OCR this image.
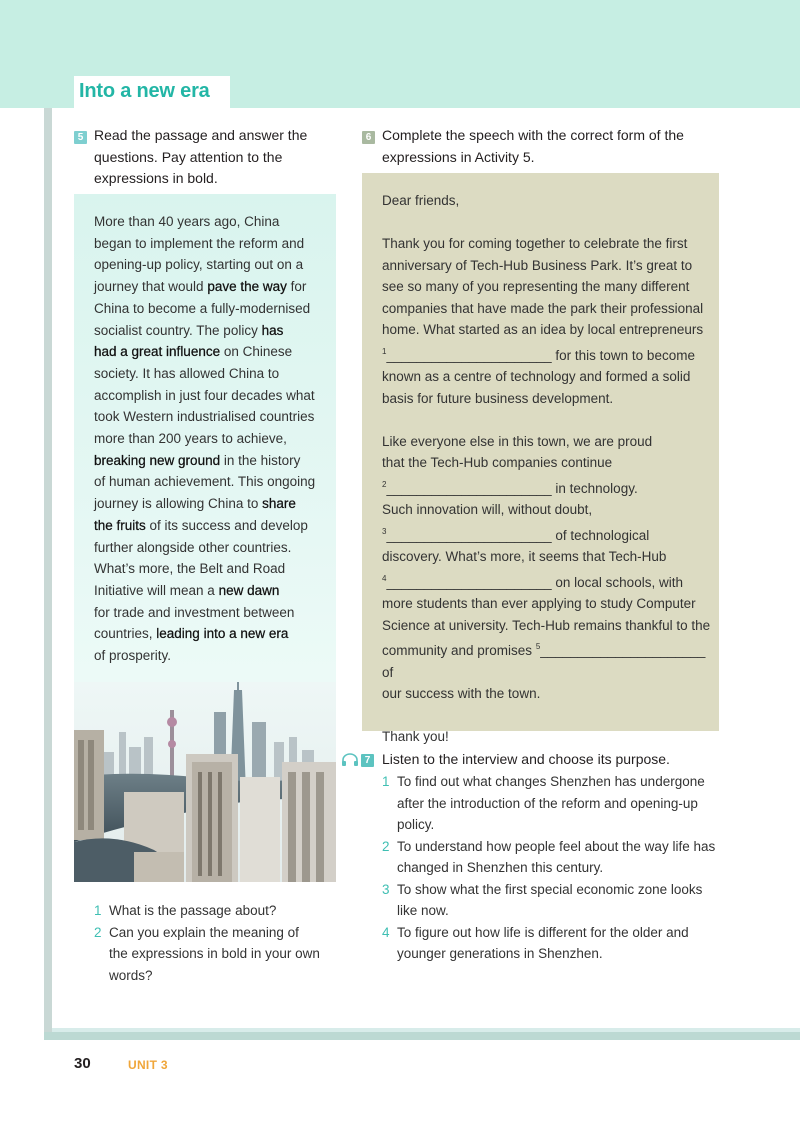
Into a new era
5 Read the passage and answer the
questions. Pay attention to the
expressions in bold.
More than 40 years ago, China
began to implement the reform and
opening-up policy, starting out on a
journey that would pave the way for
China to become a fully-modernised
socialist country. The policy has
had a great influence on Chinese
society. It has allowed China to
accomplish in just four decades what
took Western industrialised countries
more than 200 years to achieve,
breaking new ground in the history
of human achievement. This ongoing
journey is allowing China to share
the fruits of its success and develop
further alongside other countries.
What’s more, the Belt and Road
Initiative will mean a new dawn
for trade and investment between
countries, leading into a new era
of prosperity.
1 What is the passage about?
2 Can you explain the meaning of
the expressions in bold in your own
words?
6 Complete the speech with the correct form of the
expressions in Activity 5.

Dear friends,

Thank you for coming together to celebrate the first

anniversary of Tech-Hub Business Park. It’s great to

see so many of you representing the many different

companies that have made the park their professional

home. What started as an idea by local entrepreneurs

$^1$______________________ for this town to become

known as a centre of technology and formed a solid

basis for future business development.

Like everyone else in this town, we are proud

that the Tech-Hub companies continue

$^2$______________________ in technology.

Such innovation will, without doubt,

$^3$______________________ of technological

discovery. What’s more, it seems that Tech-Hub

$^4$______________________ on local schools, with

more students than ever applying to study Computer

Science at university. Tech-Hub remains thankful to the

community and promises $^5$______________________ of

our success with the town.

Thank you!

7 Listen to the interview and choose its purpose.
1 To find out what changes Shenzhen has undergone
after the introduction of the reform and opening-up
policy.
2 To understand how people feel about the way life has
changed in Shenzhen this century.
3 To show what the first special economic zone looks
like now.
4 To figure out how life is different for the older and
younger generations in Shenzhen.
30	UNIT 3
